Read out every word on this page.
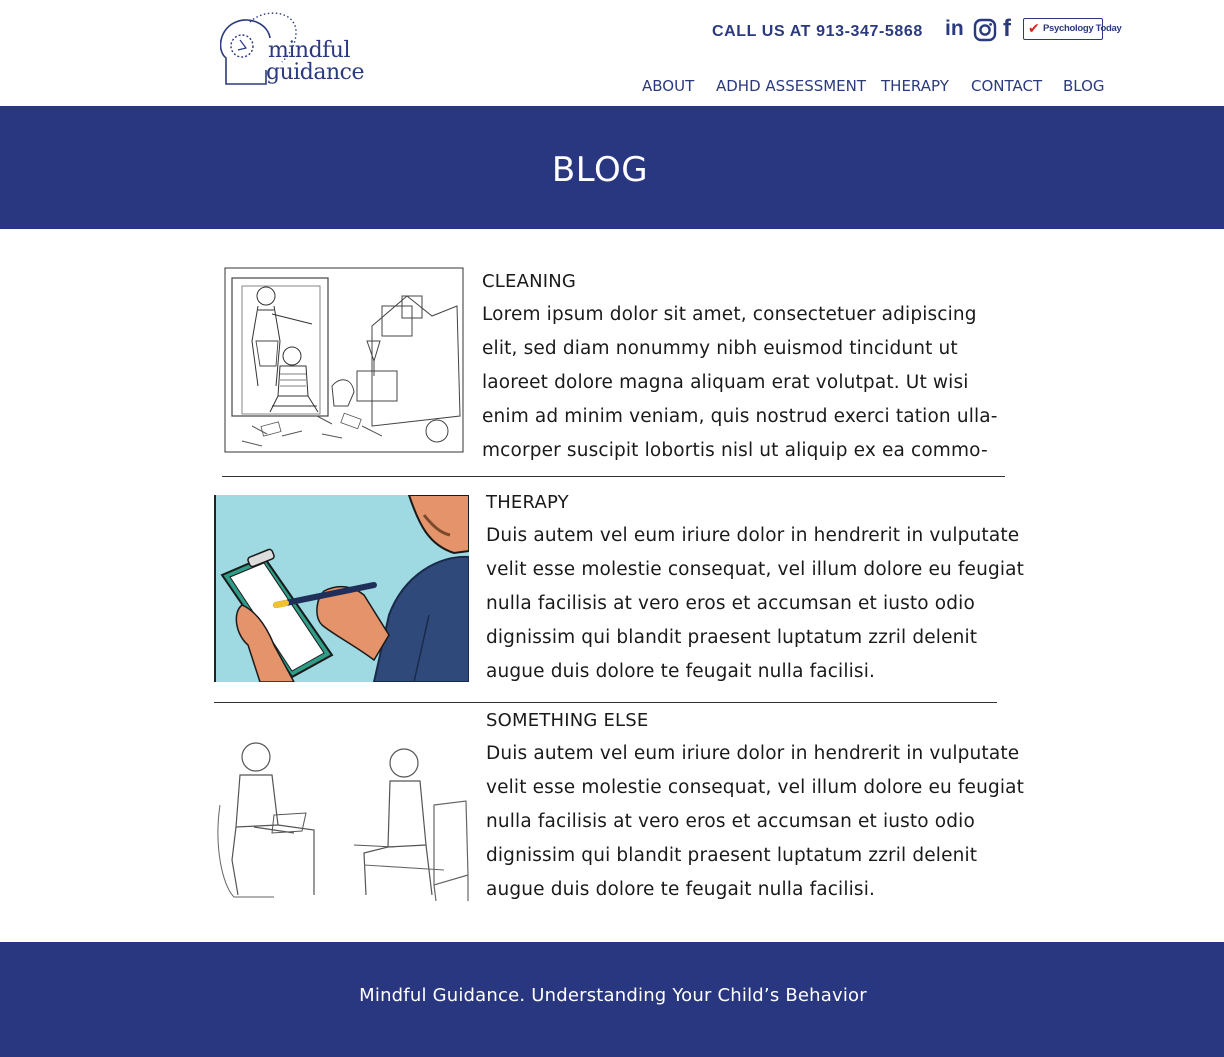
mindful
guidance
CALL US AT 913-347-5868 in f	✔ Psychology Today
ABOUT ADHD ASSESSMENT THERAPY CONTACT BLOG
BLOG
CLEANING
Lorem ipsum dolor sit amet, consectetuer adipiscing elit, sed diam nonummy nibh euismod tincidunt ut laoreet dolore magna aliquam erat volutpat. Ut wisi enim ad minim veniam, quis nostrud exerci tation ulla-mcorper suscipit lobortis nisl ut aliquip ex ea commo-
THERAPY
Duis autem vel eum iriure dolor in hendrerit in vulputate velit esse molestie consequat, vel illum dolore eu feugiat nulla facilisis at vero eros et accumsan et iusto odio dignissim qui blandit praesent luptatum zzril delenit augue duis dolore te feugait nulla facilisi.
SOMETHING ELSE
Duis autem vel eum iriure dolor in hendrerit in vulputate velit esse molestie consequat, vel illum dolore eu feugiat nulla facilisis at vero eros et accumsan et iusto odio dignissim qui blandit praesent luptatum zzril delenit augue duis dolore te feugait nulla facilisi.
Mindful Guidance. Understanding Your Child’s Behavior
